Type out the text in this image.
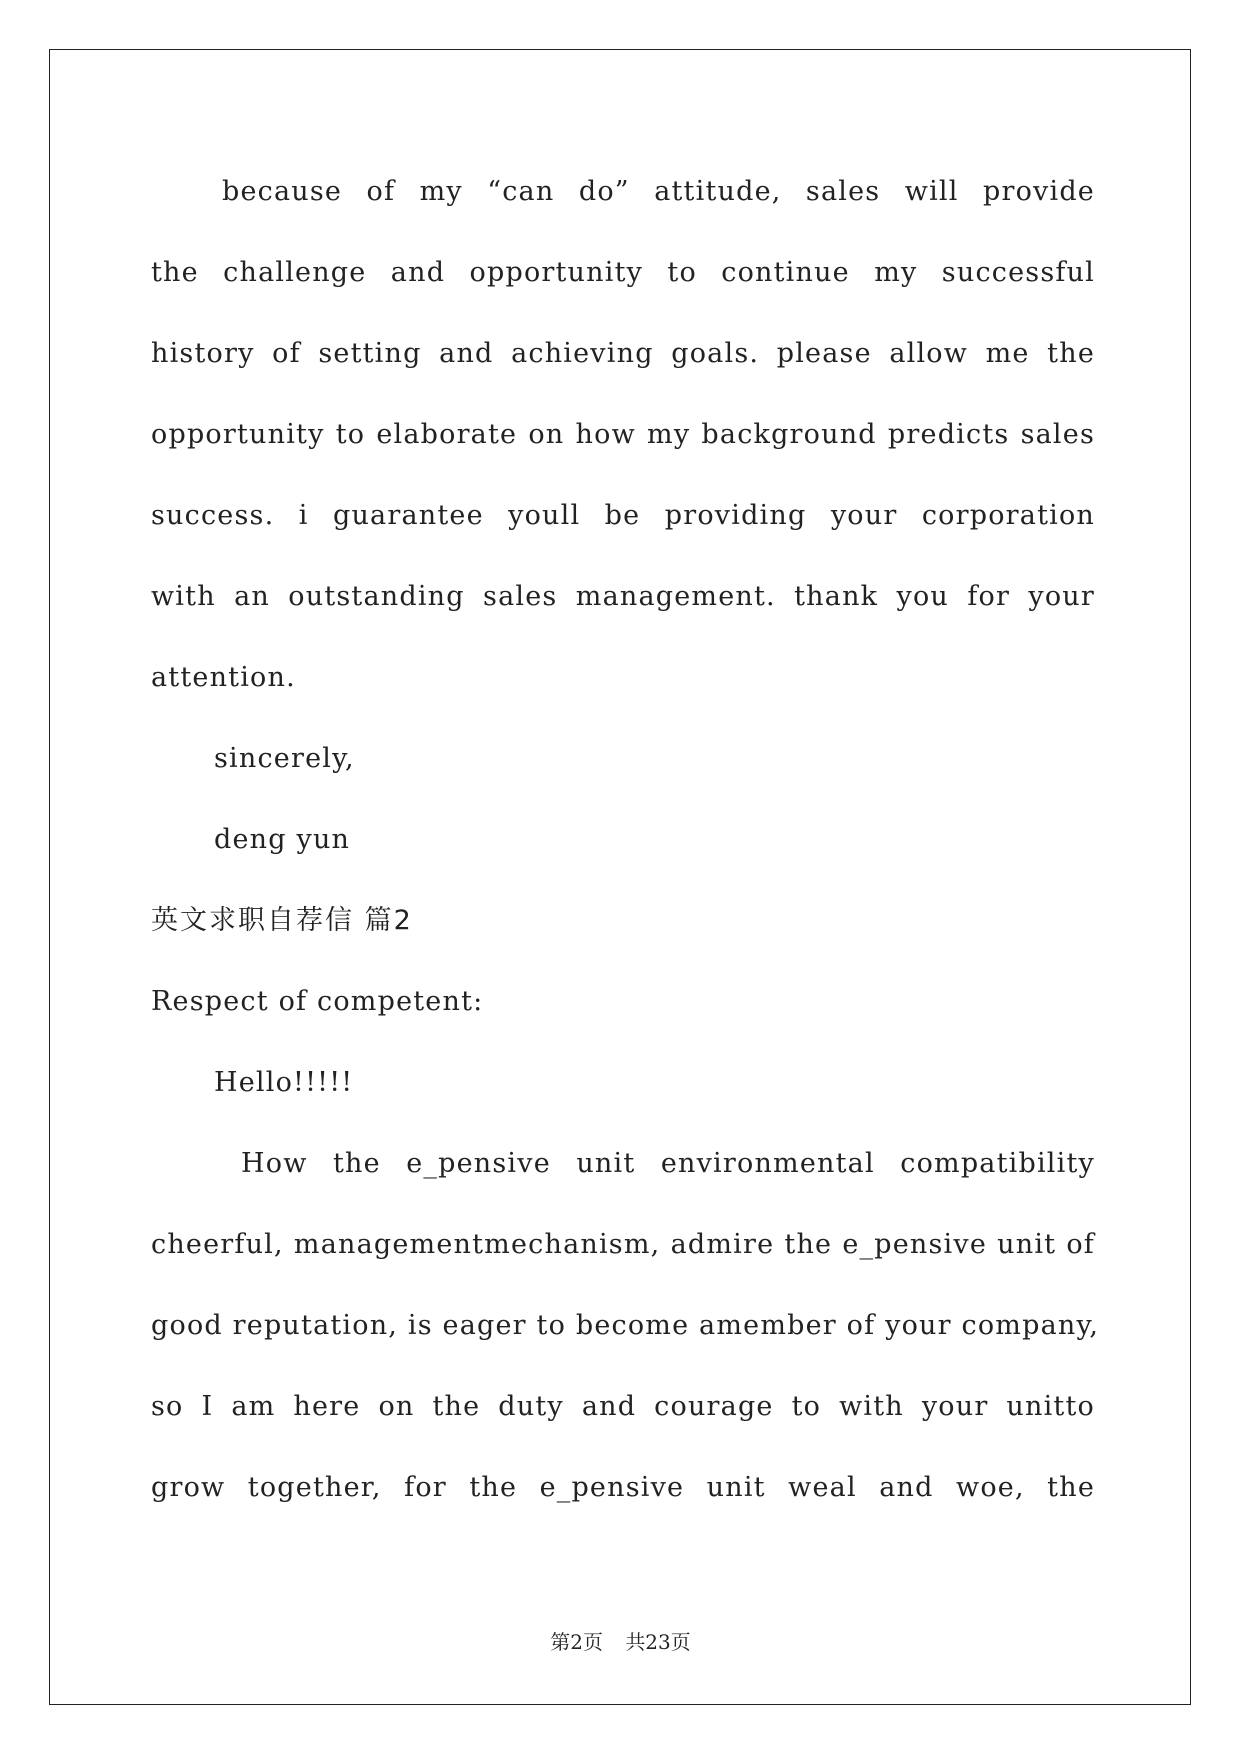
because of my “can do” attitude, sales will provide
the challenge and opportunity to continue my successful
history of setting and achieving goals. please allow me the
opportunity to elaborate on how my background predicts sales
success. i guarantee youll be providing your corporation
with an outstanding sales management. thank you for your
attention.
sincerely,
deng yun
英文求职自荐信 篇2
Respect of competent:
Hello!!!!!
How the e_pensive unit environmental compatibility
cheerful, managementmechanism, admire the e_pensive unit of
good reputation, is eager to become amember of your company,
so I am here on the duty and courage to with your unitto
grow together, for the e_pensive unit weal and woe, the
第2页 共23页
